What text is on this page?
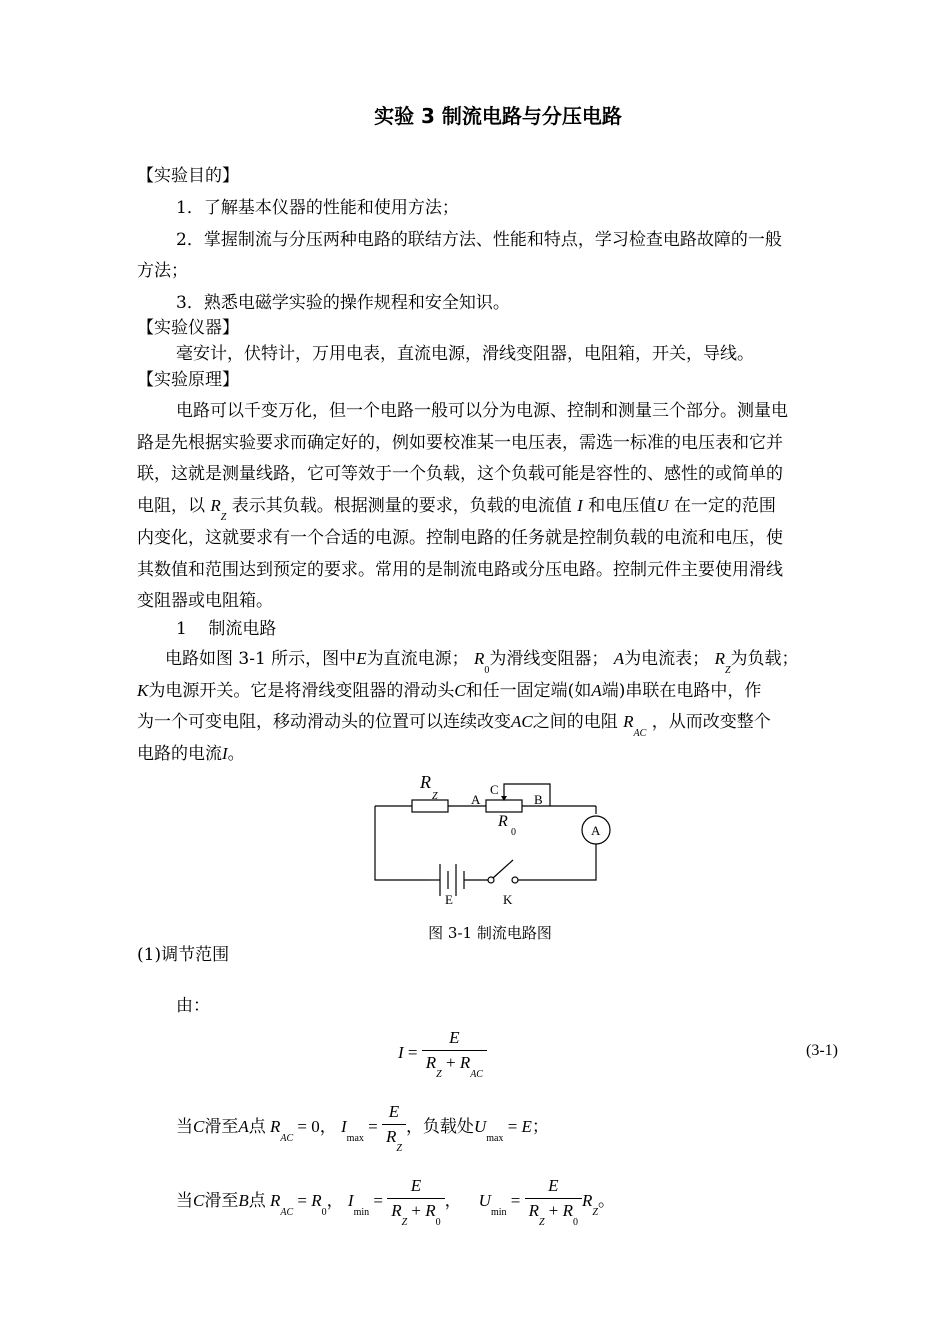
实验 3 制流电路与分压电路
【实验目的】
1．了解基本仪器的性能和使用方法；
2．掌握制流与分压两种电路的联结方法、性能和特点，学习检查电路故障的一般
方法；
3．熟悉电磁学实验的操作规程和安全知识。
【实验仪器】
毫安计，伏特计，万用电表，直流电源，滑线变阻器，电阻箱，开关，导线。
【实验原理】
电路可以千变万化，但一个电路一般可以分为电源、控制和测量三个部分。测量电
路是先根据实验要求而确定好的，例如要校准某一电压表，需选一标准的电压表和它并
联，这就是测量线路，它可等效于一个负载，这个负载可能是容性的、感性的或简单的
电阻，以 $R_Z$ 表示其负载。根据测量的要求，负载的电流值 I 和电压值U 在一定的范围
内变化，这就要求有一个合适的电源。控制电路的任务就是控制负载的电流和电压，使
其数值和范围达到预定的要求。常用的是制流电路或分压电路。控制元件主要使用滑线
变阻器或电阻箱。
1    制流电路
电路如图 3-1 所示，图中E为直流电源； $R_0$为滑线变阻器； A为电流表； $R_Z$为负载；
K为电源开关。它是将滑线变阻器的滑动头C和任一固定端(如A端)串联在电路中，作
为一个可变电阻，移动滑动头的位置可以连续改变AC之间的电阻 $R_{AC}$ ，从而改变整个
电路的电流I。
R
Z	A
C
B
R
0	A
E	K
图 3-1 制流电路图
(1)调节范围
由：
$I = \frac{E}{R_Z + R_{AC}}$	(3-1)
当C滑至A点 $R_{AC} = 0$， $I_{max} = \frac{E}{R_Z}$ ，负载处$U_{max} = E$；
当C滑至B点 $R_{AC} = R_0$， $I_{min} = \frac{E}{R_Z + R_0}$ ， $U_{min} = \frac{E}{R_Z + R_0} R_Z$。
